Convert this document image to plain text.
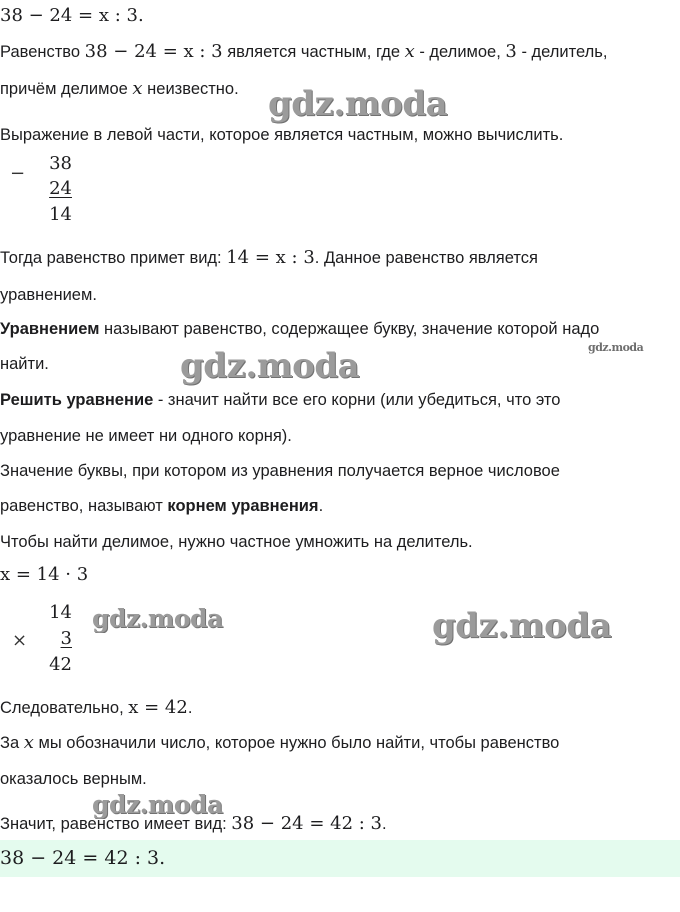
38 − 24 = x : 3.
Равенство 38 − 24 = x : 3 является частным, где x - делимое, 3 - делитель,
причём делимое x неизвестно. gdz.moda
Выражение в левой части, которое является частным, можно вычислить.
−	38
24
14
Тогда равенство примет вид: 14 = x : 3. Данное равенство является
уравнением.
Уравнением называют равенство, содержащее букву, значение которой надо
найти.
gdz.moda
gdz.moda
Решить уравнение - значит найти все его корни (или убедиться, что это
уравнение не имеет ни одного корня).
Значение буквы, при котором из уравнения получается верное числовое
равенство, называют корнем уравнения.
Чтобы найти делимое, нужно частное умножить на делитель.
x = 14 · 3
×
14
3
42
gdz.moda	gdz.moda
Следовательно, x = 42.
За x мы обозначили число, которое нужно было найти, чтобы равенство
оказалось верным.
gdz.moda
Значит, равенство имеет вид: 38 − 24 = 42 : 3.
38 − 24 = 42 : 3.
